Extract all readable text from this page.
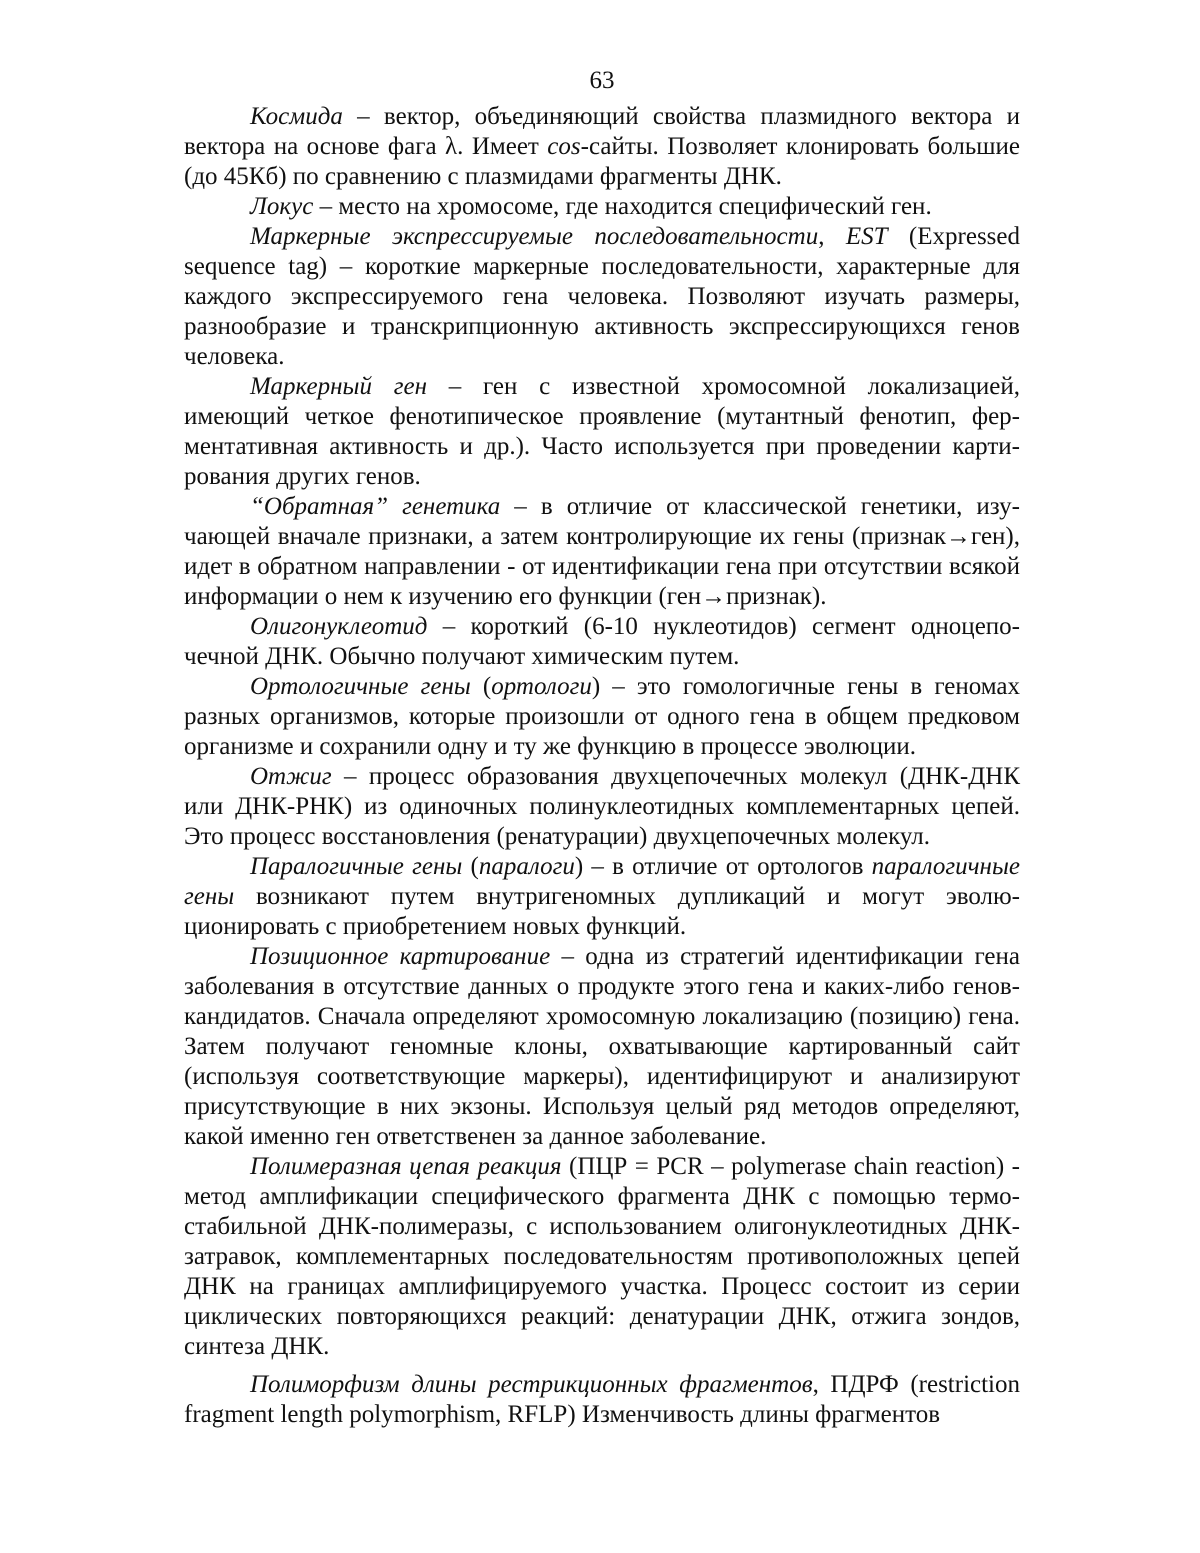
63

Космида – вектор, объединяющий свойства плазмидного вектора и вектора на основе фага λ. Имеет cos-сайты. Позволяет клонировать боль­шие (до 45Кб) по сравнению с плазмидами фрагменты ДНК.

Локус – место на хромосоме, где находится специфический ген.

Маркерные экспрессируемые последовательности, EST (Expressed sequence tag) – короткие маркерные последовательности, характерные для каждого экспрессируемого гена человека. Позволяют изучать размеры, разнообразие и транскрипционную активность экспрессирующихся генов человека.

Маркерный ген – ген с известной хромосомной локализацией, имеющий четкое фенотипическое проявление (мутантный фенотип, фер­ментативная активность и др.). Часто используется при проведении карти­рования других генов.

“Обратная” генетика – в отличие от классической генетики, изу­чающей вначале признаки, а затем контролирующие их гены (при­знак→ген), идет в обратном направлении - от идентификации гена при от­сутствии всякой информации о нем к изучению его функции (ген→признак).

Олигонуклеотид – короткий (6-10 нуклеотидов) сегмент одноцепо­чечной ДНК. Обычно получают химическим путем.

Ортологичные гены (ортологи) – это гомологичные гены в геномах разных организмов, которые произошли от одного гена в общем предко­вом организме и сохранили одну и ту же функцию в процессе эволюции.

Отжиг – процесс образования двухцепочечных молекул (ДНК-ДНК или ДНК-РНК) из одиночных полинуклеотидных комплементарных цепей. Это процесс восстановления (ренатурации) двухцепочечных молекул.

Паралогичные гены (паралоги) – в отличие от ортологов паралогич­ные гены возникают путем внутригеномных дупликаций и могут эволю­ционировать с приобретением новых функций.

Позиционное картирование – одна из стратегий идентификации гена заболевания в отсутствие данных о продукте этого гена и каких-либо ге­нов-кандидатов. Сначала определяют хромосомную локализацию (пози­цию) гена. Затем получают геномные клоны, охватывающие картирован­ный сайт (используя соответствующие маркеры), идентифицируют и ана­лизируют присутствующие в них экзоны. Используя целый ряд методов определяют, какой именно ген ответственен за данное заболевание.

Полимеразная цепая реакция (ПЦР = PCR – polymerase chain reaction) - метод амплификации специфического фрагмента ДНК с помощью термо­стабильной ДНК-полимеразы, с использованием олигонуклеотидных ДНК-затравок, комплементарных последовательностям противоположных цепей ДНК на границах амплифицируемого участка. Процесс состоит из серии циклических повторяющихся реакций: денатурации ДНК, отжига зондов, синтеза ДНК.

Полиморфизм длины рестрикционных фрагментов, ПДРФ (restriction fragment length polymorphism, RFLP) Изменчивость длины фрагментов
